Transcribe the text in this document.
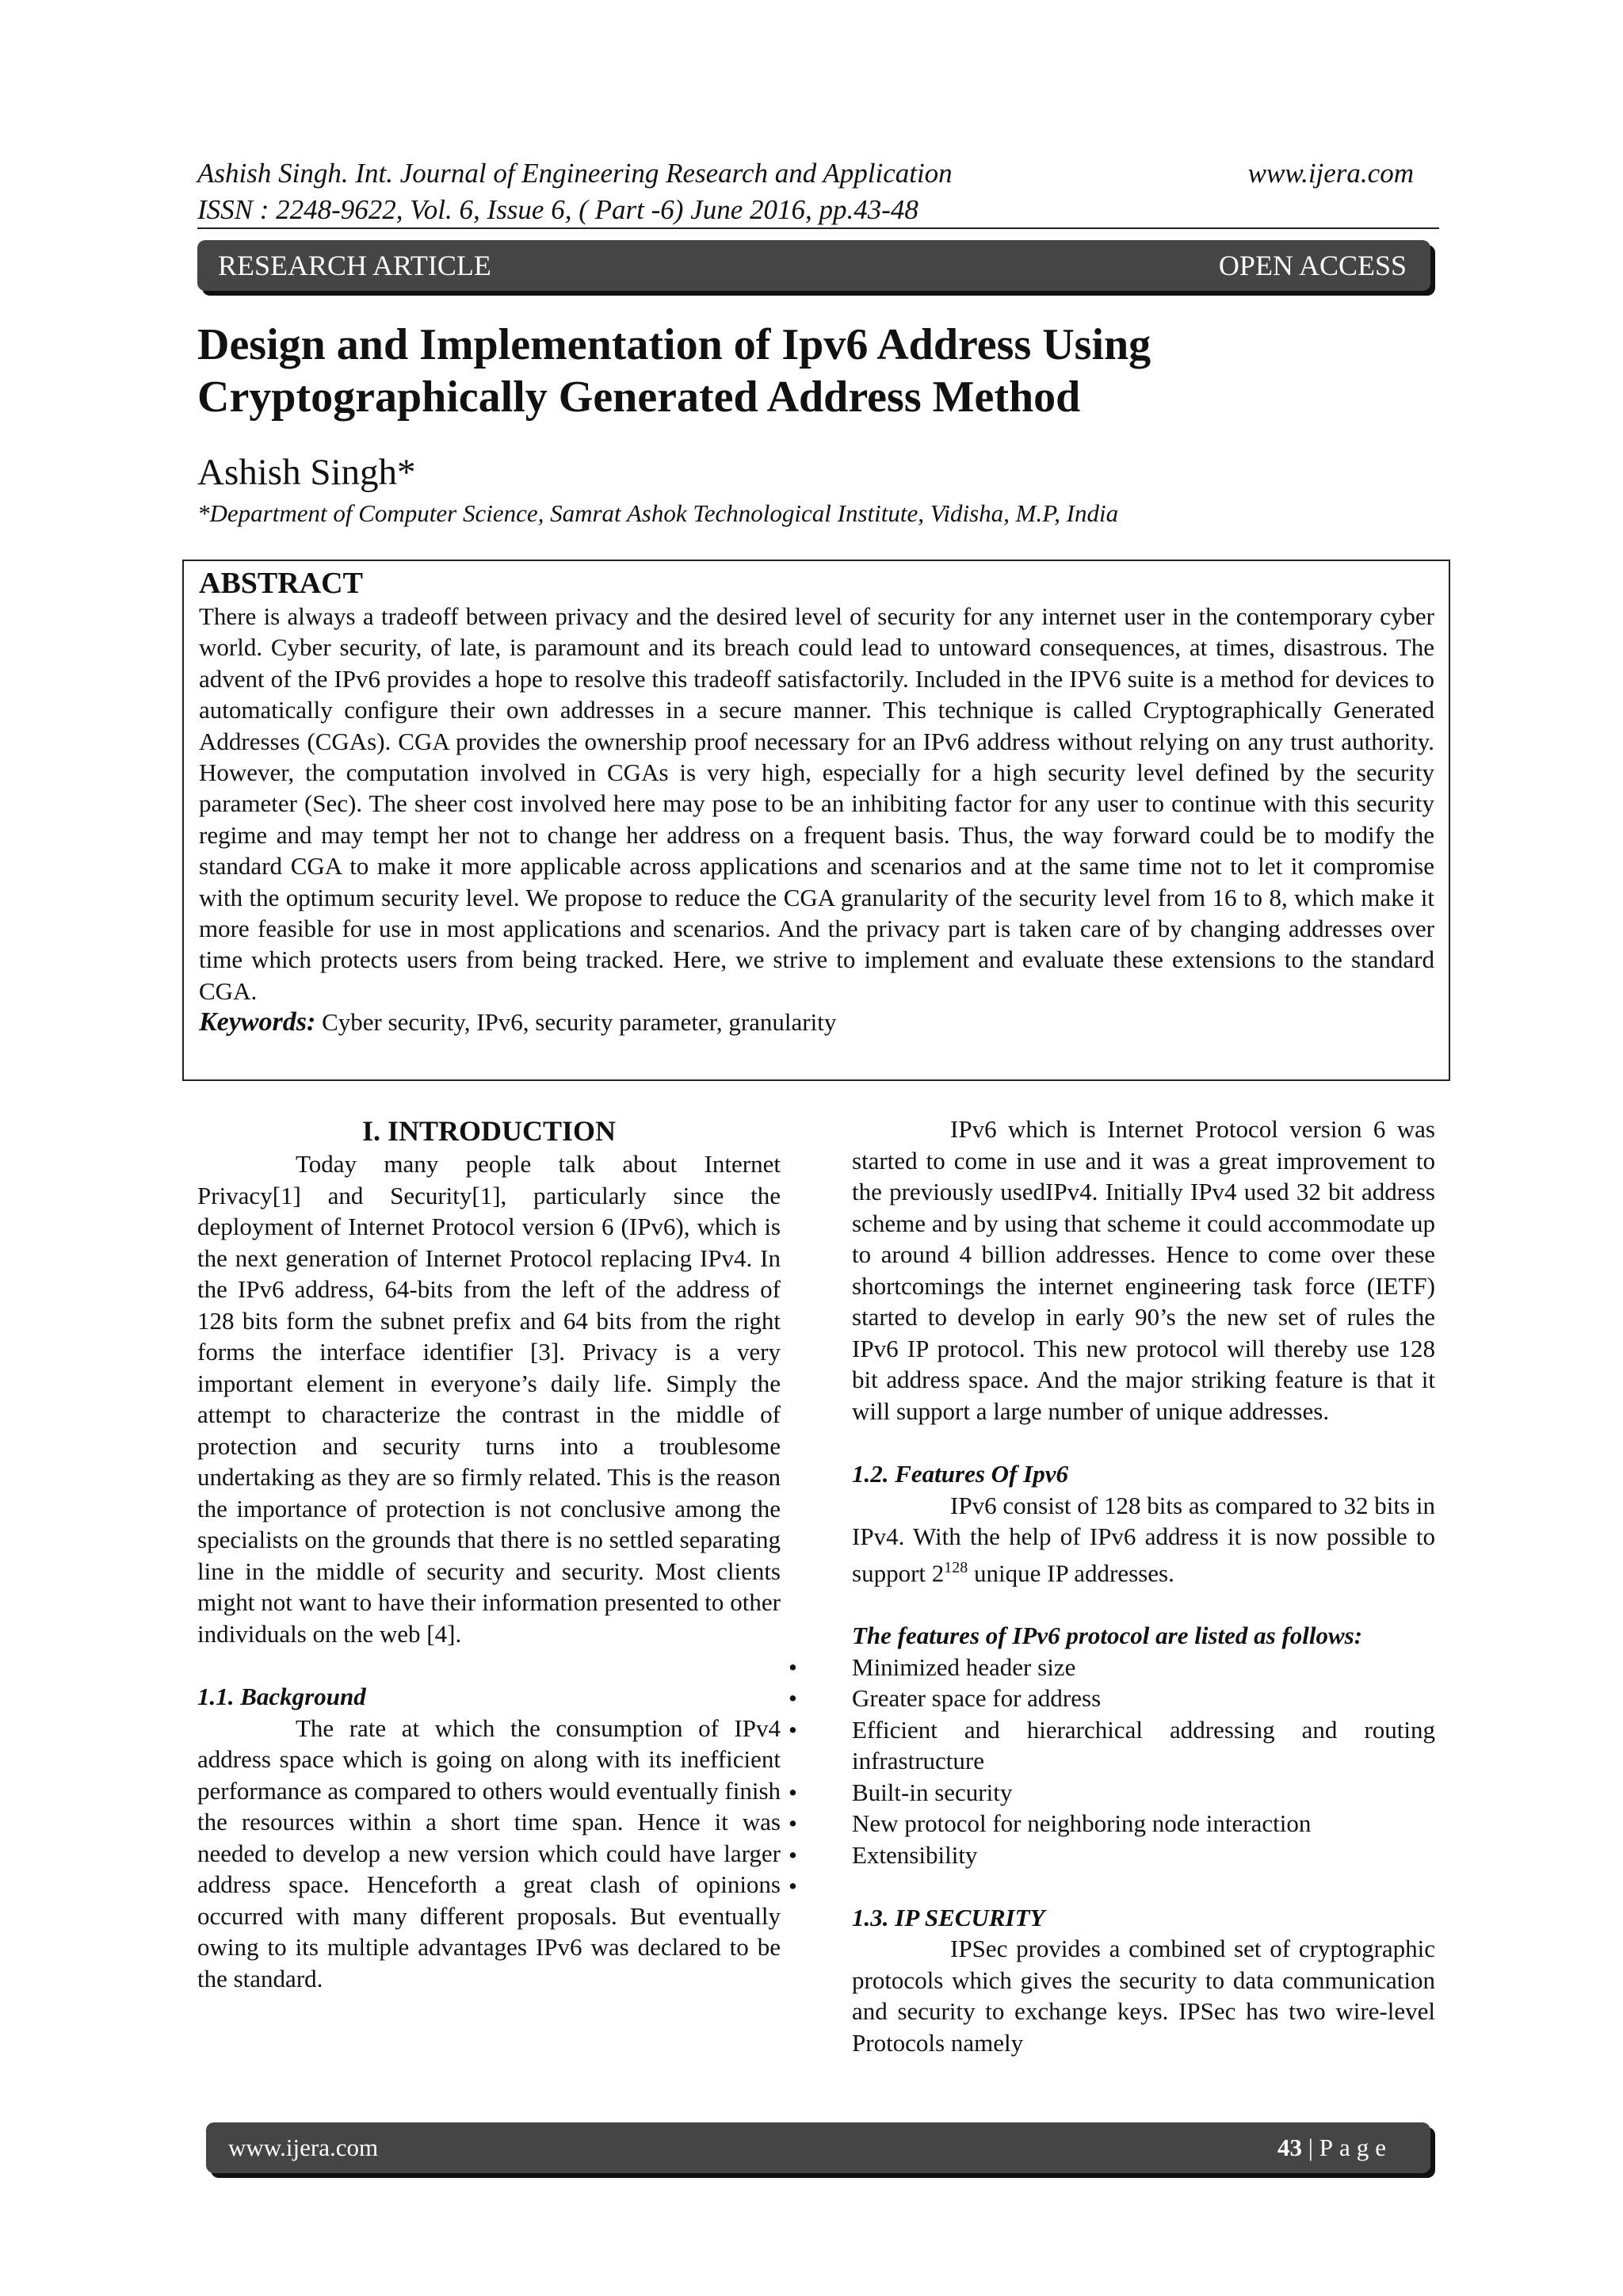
Ashish Singh. Int. Journal of Engineering Research and Application
ISSN : 2248-9622, Vol. 6, Issue 6, ( Part -6) June 2016, pp.43-48
www.ijera.com
RESEARCH ARTICLE	OPEN ACCESS
Design and Implementation of Ipv6 Address Using
Cryptographically Generated Address Method
Ashish Singh*
*Department of Computer Science, Samrat Ashok Technological Institute, Vidisha, M.P, India
ABSTRACT

There is always a tradeoff between privacy and the desired level of security for any internet user in the contemporary cyber world. Cyber security, of late, is paramount and its breach could lead to untoward consequences, at times, disastrous. The advent of the IPv6 provides a hope to resolve this tradeoff satisfactorily. Included in the IPV6 suite is a method for devices to automatically configure their own addresses in a secure manner. This technique is called Cryptographically Generated Addresses (CGAs). CGA provides the ownership proof necessary for an IPv6 address without relying on any trust authority. However, the computation involved in CGAs is very high, especially for a high security level defined by the security parameter (Sec). The sheer cost involved here may pose to be an inhibiting factor for any user to continue with this security regime and may tempt her not to change her address on a frequent basis. Thus, the way forward could be to modify the standard CGA to make it more applicable across applications and scenarios and at the same time not to let it compromise with the optimum security level. We propose to reduce the CGA granularity of the security level from 16 to 8, which make it more feasible for use in most applications and scenarios. And the privacy part is taken care of by changing addresses over time which protects users from being tracked. Here, we strive to implement and evaluate these extensions to the standard CGA.

Keywords: Cyber security, IPv6, security parameter, granularity

I. INTRODUCTION

Today many people talk about Internet Privacy[1] and Security[1], particularly since the deployment of Internet Protocol version 6 (IPv6), which is the next generation of Internet Protocol replacing IPv4. In the IPv6 address, 64-bits from the left of the address of 128 bits form the subnet prefix and 64 bits from the right forms the interface identifier [3]. Privacy is a very important element in everyone’s daily life. Simply the attempt to characterize the contrast in the middle of protection and security turns into a troublesome undertaking as they are so firmly related. This is the reason the importance of protection is not conclusive among the specialists on the grounds that there is no settled separating line in the middle of security and security. Most clients might not want to have their information presented to other individuals on the web [4].

1.1. Background

The rate at which the consumption of IPv4 address space which is going on along with its inefficient performance as compared to others would eventually finish the resources within a short time span. Hence it was needed to develop a new version which could have larger address space. Henceforth a great clash of opinions occurred with many different proposals. But eventually owing to its multiple advantages IPv6 was declared to be the standard.

IPv6 which is Internet Protocol version 6 was started to come in use and it was a great improvement to the previously usedIPv4. Initially IPv4 used 32 bit address scheme and by using that scheme it could accommodate up to around 4 billion addresses. Hence to come over these shortcomings the internet engineering task force (IETF) started to develop in early 90’s the new set of rules the IPv6 IP protocol. This new protocol will thereby use 128 bit address space. And the major striking feature is that it will support a large number of unique addresses.

1.2. Features Of Ipv6

IPv6 consist of 128 bits as compared to 32 bits in IPv4. With the help of IPv6 address it is now possible to support $2^{128}$ unique IP addresses.

The features of IPv6 protocol are listed as follows:

• Minimized header size
• Greater space for address
• Efficient and hierarchical addressing and routing infrastructure
• Built-in security
• New protocol for neighboring node interaction
• Extensibility
•

1.3. IP SECURITY

IPSec provides a combined set of cryptographic protocols which gives the security to data communication and security to exchange keys. IPSec has two wire-level Protocols namely

www.ijera.com	43 | Page
